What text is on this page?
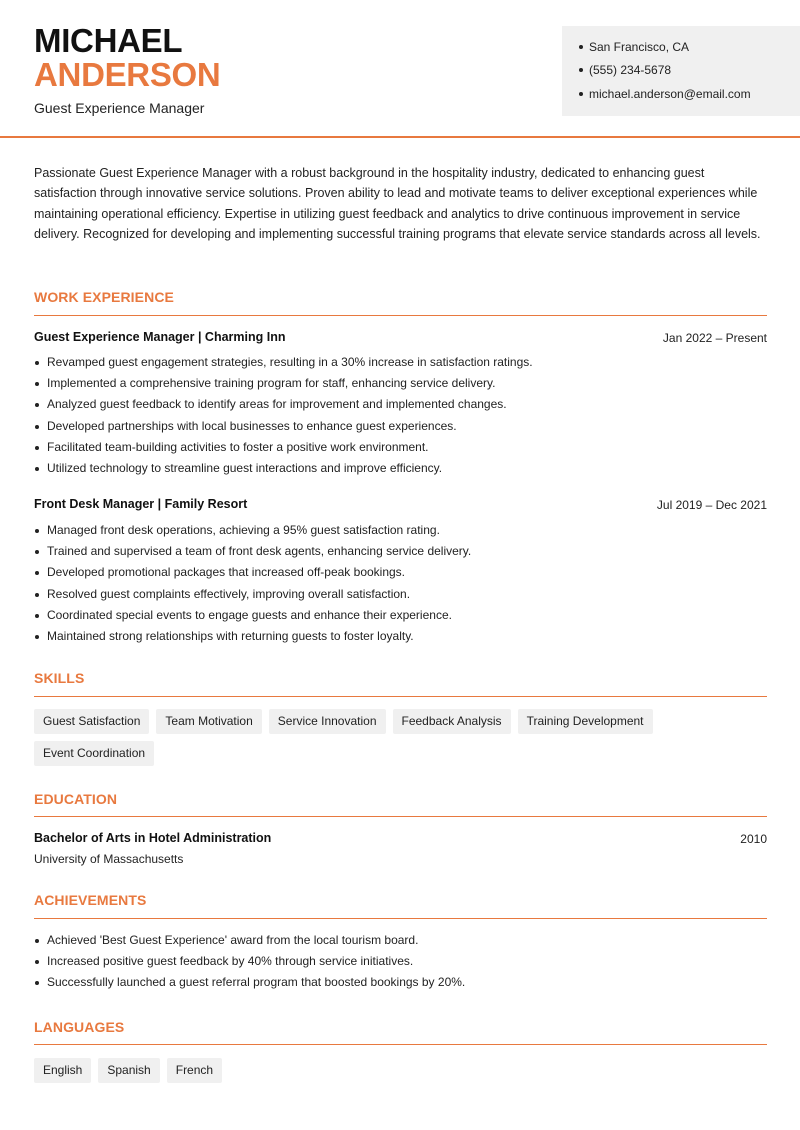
MICHAEL
ANDERSON
Guest Experience Manager
San Francisco, CA
(555) 234-5678
michael.anderson@email.com
Passionate Guest Experience Manager with a robust background in the hospitality industry, dedicated to enhancing guest satisfaction through innovative service solutions. Proven ability to lead and motivate teams to deliver exceptional experiences while maintaining operational efficiency. Expertise in utilizing guest feedback and analytics to drive continuous improvement in service delivery. Recognized for developing and implementing successful training programs that elevate service standards across all levels.
WORK EXPERIENCE
Guest Experience Manager | Charming Inn	Jan 2022 – Present
Revamped guest engagement strategies, resulting in a 30% increase in satisfaction ratings.
Implemented a comprehensive training program for staff, enhancing service delivery.
Analyzed guest feedback to identify areas for improvement and implemented changes.
Developed partnerships with local businesses to enhance guest experiences.
Facilitated team-building activities to foster a positive work environment.
Utilized technology to streamline guest interactions and improve efficiency.
Front Desk Manager | Family Resort	Jul 2019 – Dec 2021
Managed front desk operations, achieving a 95% guest satisfaction rating.
Trained and supervised a team of front desk agents, enhancing service delivery.
Developed promotional packages that increased off-peak bookings.
Resolved guest complaints effectively, improving overall satisfaction.
Coordinated special events to engage guests and enhance their experience.
Maintained strong relationships with returning guests to foster loyalty.
SKILLS
Guest Satisfaction	Team Motivation	Service Innovation	Feedback Analysis	Training Development
Event Coordination
EDUCATION
Bachelor of Arts in Hotel Administration	2010
University of Massachusetts
ACHIEVEMENTS
Achieved 'Best Guest Experience' award from the local tourism board.
Increased positive guest feedback by 40% through service initiatives.
Successfully launched a guest referral program that boosted bookings by 20%.
LANGUAGES
English	Spanish	French
